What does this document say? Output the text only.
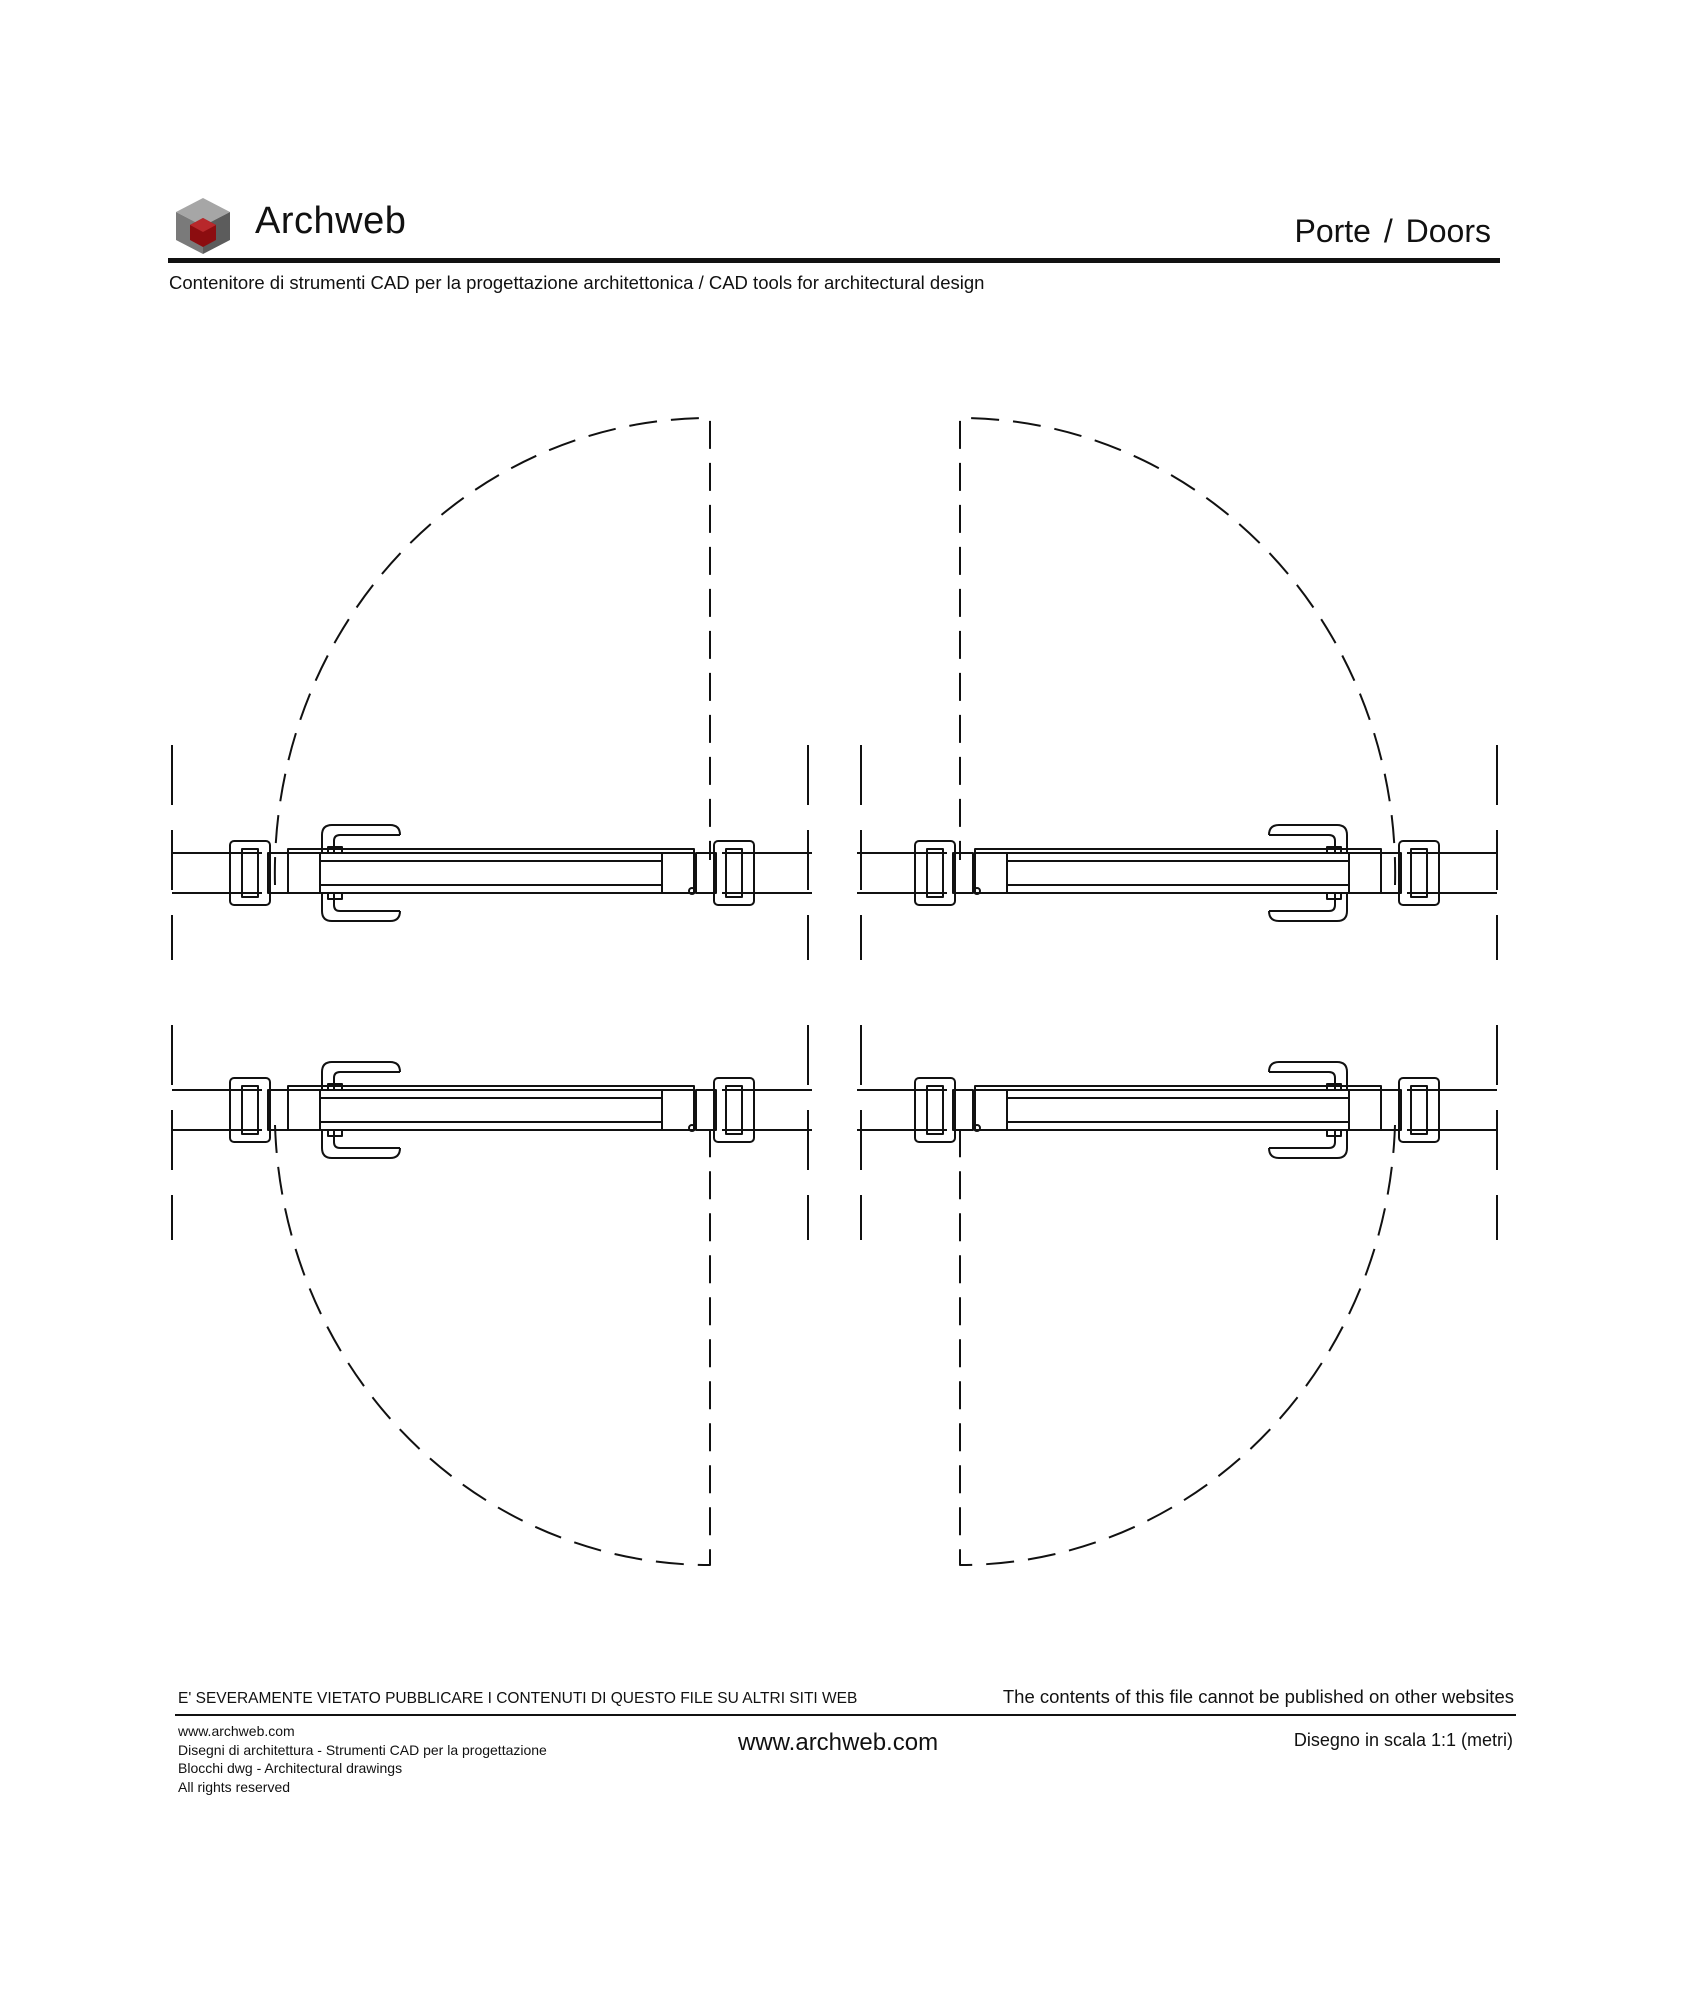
Archweb	Porte / Doors
Contenitore di strumenti CAD per la progettazione architettonica / CAD tools for architectural design
E' SEVERAMENTE VIETATO PUBBLICARE I CONTENUTI DI QUESTO FILE SU ALTRI SITI WEB	The contents of this file cannot be published on other websites
www.archweb.com
Disegni di architettura - Strumenti CAD per la progettazione
Blocchi dwg - Architectural drawings
All rights reserved
www.archweb.com	Disegno in scala 1:1 (metri)
